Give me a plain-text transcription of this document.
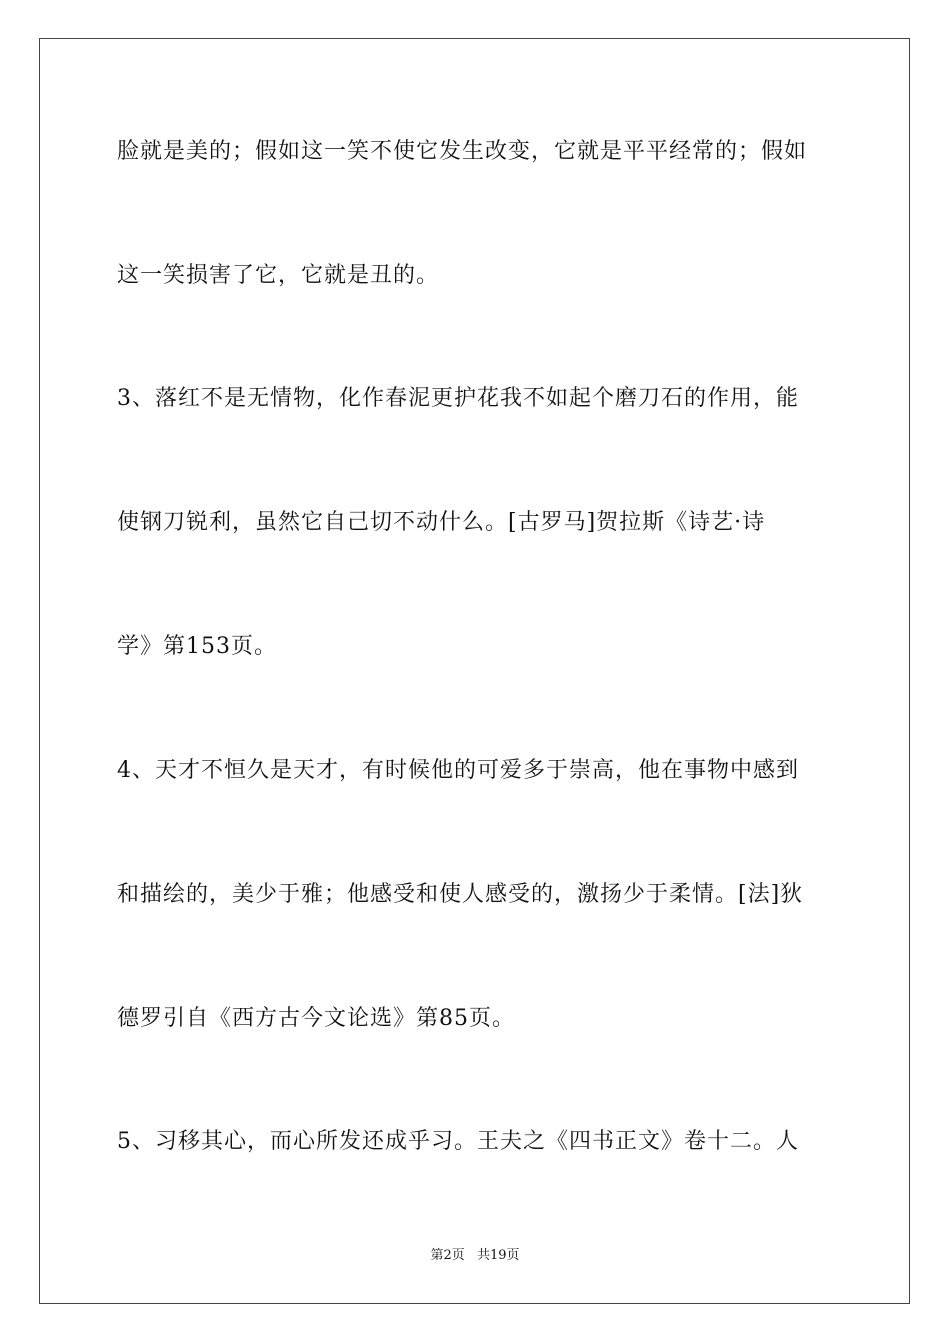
脸就是美的；假如这一笑不使它发生改变，它就是平平经常的；假如
这一笑损害了它，它就是丑的。
3、落红不是无情物，化作春泥更护花我不如起个磨刀石的作用，能
使钢刀锐利，虽然它自己切不动什么。[古罗马]贺拉斯《诗艺·诗
学》第153页。
4、天才不恒久是天才，有时候他的可爱多于崇高，他在事物中感到
和描绘的，美少于雅；他感受和使人感受的，激扬少于柔情。[法]狄
德罗引自《西方古今文论选》第85页。
5、习移其心，而心所发还成乎习。王夫之《四书正文》卷十二。人
第2页 共19页
